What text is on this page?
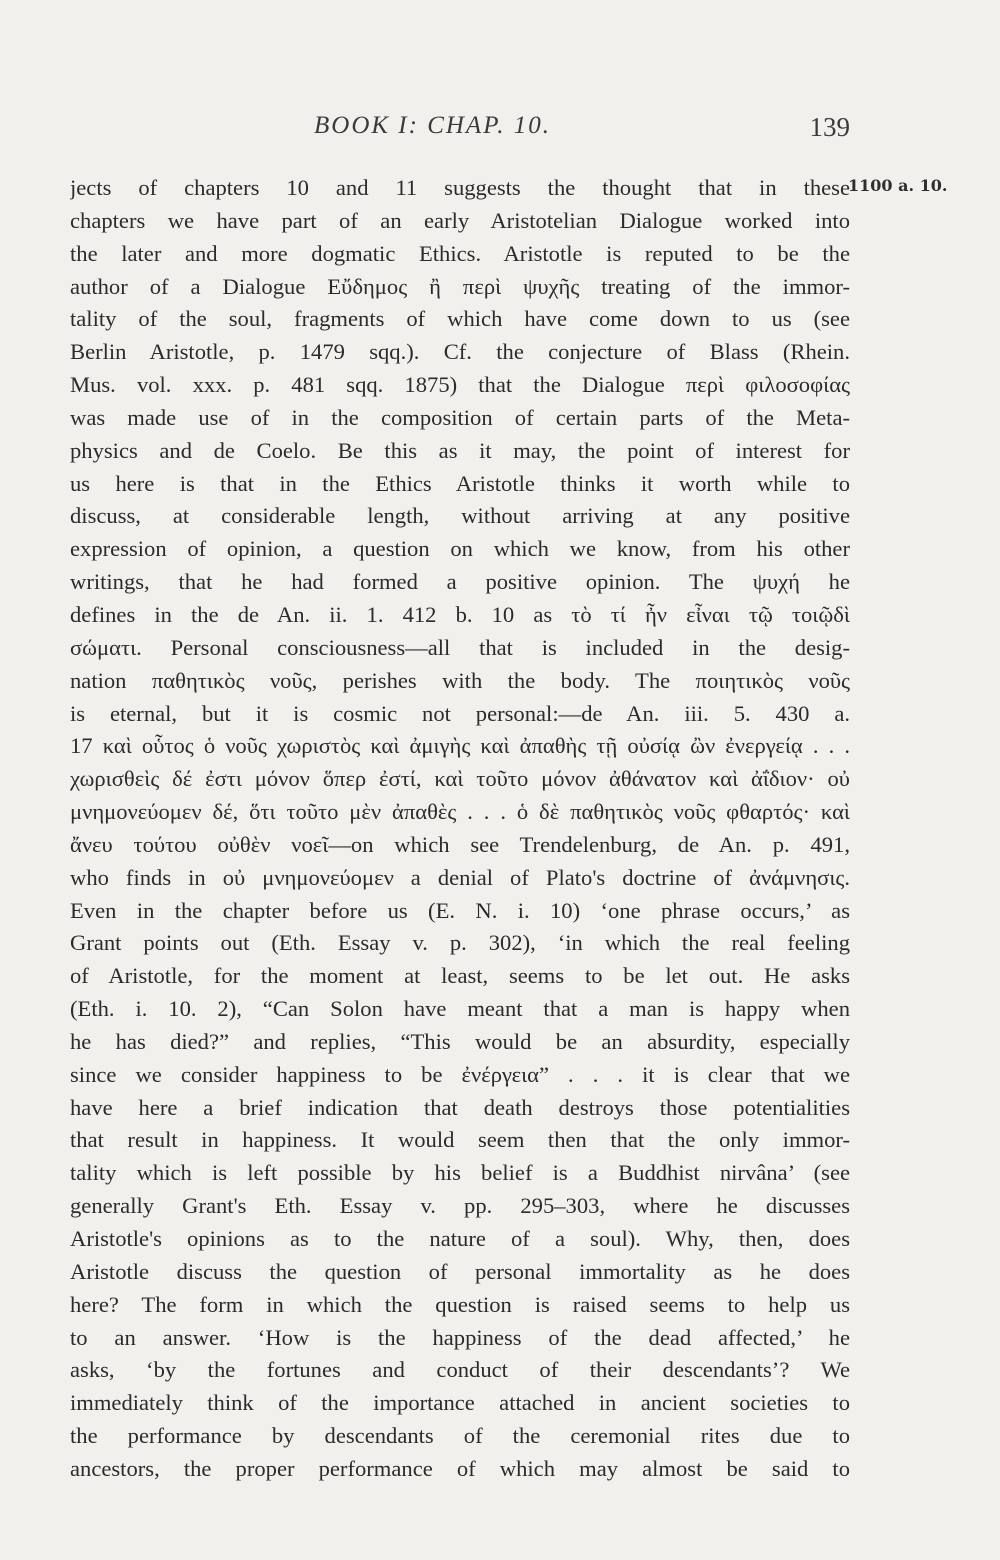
BOOK I: CHAP. 10.	139
1100 a. 10.
jects of chapters 10 and 11 suggests the thought that in these
chapters we have part of an early Aristotelian Dialogue worked into
the later and more dogmatic Ethics. Aristotle is reputed to be the
author of a Dialogue Εὔδημος ἢ περὶ ψυχῆς treating of the immor-
tality of the soul, fragments of which have come down to us (see
Berlin Aristotle, p. 1479 sqq.). Cf. the conjecture of Blass (Rhein.
Mus. vol. xxx. p. 481 sqq. 1875) that the Dialogue περὶ φιλοσοφίας
was made use of in the composition of certain parts of the Meta-
physics and de Coelo. Be this as it may, the point of interest for
us here is that in the Ethics Aristotle thinks it worth while to
discuss, at considerable length, without arriving at any positive
expression of opinion, a question on which we know, from his other
writings, that he had formed a positive opinion. The ψυχή he
defines in the de An. ii. 1. 412 b. 10 as τὸ τί ἦν εἶναι τῷ τοιῷδὶ
σώματι. Personal consciousness—all that is included in the desig-
nation παθητικὸς νοῦς, perishes with the body. The ποιητικὸς νοῦς
is eternal, but it is cosmic not personal:—de An. iii. 5. 430 a.
17 καὶ οὗτος ὁ νοῦς χωριστὸς καὶ ἀμιγὴς καὶ ἀπαθὴς τῇ οὐσίᾳ ὢν ἐνεργείᾳ . . .
χωρισθεὶς δέ ἐστι μόνον ὅπερ ἐστί, καὶ τοῦτο μόνον ἀθάνατον καὶ ἀΐδιον· οὐ
μνημονεύομεν δέ, ὅτι τοῦτο μὲν ἀπαθὲς . . . ὁ δὲ παθητικὸς νοῦς φθαρτός· καὶ
ἄνευ τούτου οὐθὲν νοεῖ—on which see Trendelenburg, de An. p. 491,
who finds in οὐ μνημονεύομεν a denial of Plato's doctrine of ἀνάμνησις.
Even in the chapter before us (E. N. i. 10) ‘one phrase occurs,’ as
Grant points out (Eth. Essay v. p. 302), ‘in which the real feeling
of Aristotle, for the moment at least, seems to be let out. He asks
(Eth. i. 10. 2), “Can Solon have meant that a man is happy when
he has died?” and replies, “This would be an absurdity, especially
since we consider happiness to be ἐνέργεια” . . . it is clear that we
have here a brief indication that death destroys those potentialities
that result in happiness. It would seem then that the only immor-
tality which is left possible by his belief is a Buddhist nirvâna’ (see
generally Grant's Eth. Essay v. pp. 295–303, where he discusses
Aristotle's opinions as to the nature of a soul). Why, then, does
Aristotle discuss the question of personal immortality as he does
here? The form in which the question is raised seems to help us
to an answer. ‘How is the happiness of the dead affected,’ he
asks, ‘by the fortunes and conduct of their descendants’? We
immediately think of the importance attached in ancient societies to
the performance by descendants of the ceremonial rites due to
ancestors, the proper performance of which may almost be said to
